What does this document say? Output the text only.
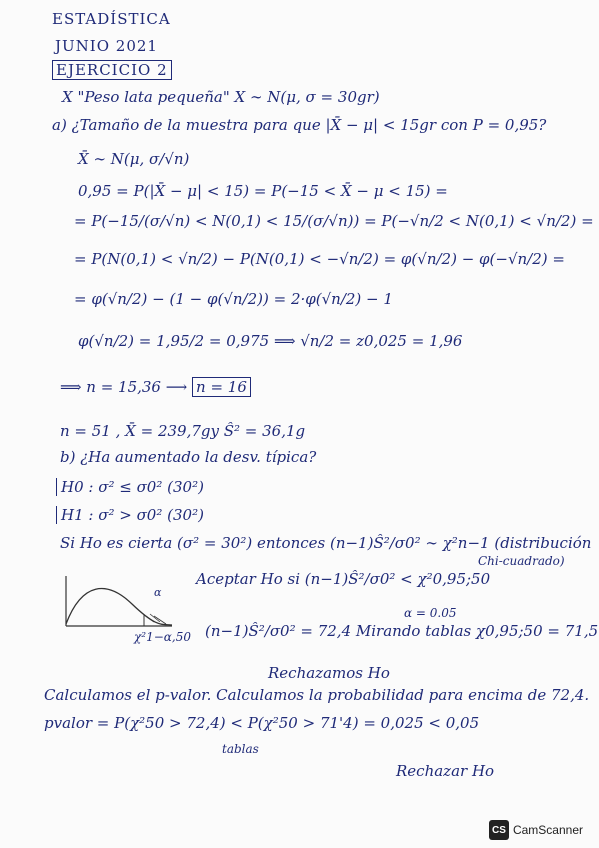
ESTADÍSTICA
JUNIO 2021
EJERCICIO 2
X "Peso lata pequeña" X ∼ N(μ, σ = 30gr)
a) ¿Tamaño de la muestra para que |X̄ − μ| < 15gr con P = 0,95?
X̄ ∼ N(μ, σ/√n)
0,95 = P(|X̄ − μ| < 15) = P(−15 < X̄ − μ < 15) =
= P(−15/(σ/√n) < N(0,1) < 15/(σ/√n)) = P(−√n/2 < N(0,1) < √n/2) =
= P(N(0,1) < √n/2) − P(N(0,1) < −√n/2) = φ(√n/2) − φ(−√n/2) =
= φ(√n/2) − (1 − φ(√n/2)) = 2·φ(√n/2) − 1
φ(√n/2) = 1,95/2 = 0,975 ⟹ √n/2 = z0,025 = 1,96
⟹ n = 15,36 ⟶ n = 16
n = 51 , X̄ = 239,7gy Ŝ² = 36,1g
b) ¿Ha aumentado la desv. típica?
H0 : σ² ≤ σ0² (30²)
H1 : σ² > σ0² (30²)
Si Ho es cierta (σ² = 30²) entonces (n−1)Ŝ²/σ0² ∼ χ²n−1 (distribución
Chi-cuadrado)
α
χ²1−α,50
Aceptar Ho si (n−1)Ŝ²/σ0² < χ²0,95;50
α = 0.05
(n−1)Ŝ²/σ0² = 72,4 Mirando tablas χ0,95;50 = 71,5
Rechazamos Ho
Calculamos el p-valor. Calculamos la probabilidad para encima de 72,4.
pvalor = P(χ²50 > 72,4) < P(χ²50 > 71'4) = 0,025 < 0,05
tablas
Rechazar Ho
CS CamScanner
